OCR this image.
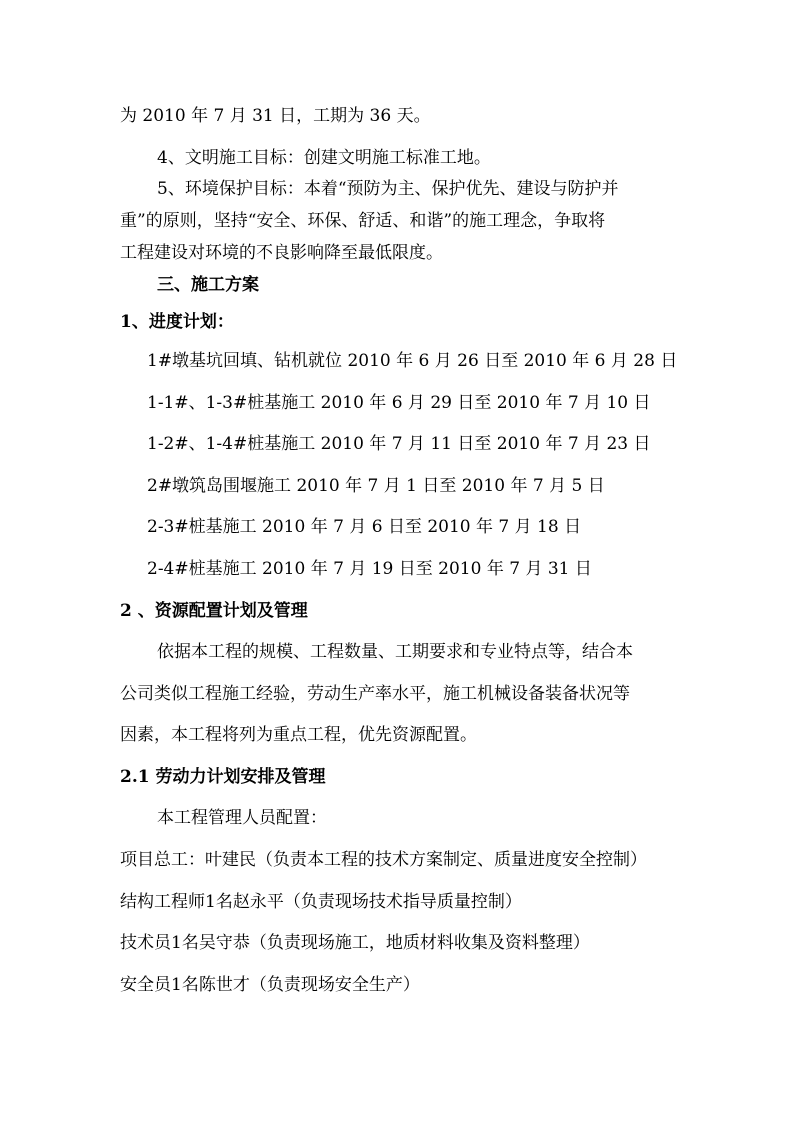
为 2010 年 7 月 31 日，工期为 36 天。
4、文明施工目标：创建文明施工标准工地。
5、环境保护目标：本着“预防为主、保护优先、建设与防护并
重”的原则，坚持“安全、环保、舒适、和谐”的施工理念，争取将
工程建设对环境的不良影响降至最低限度。
三、施工方案
1、进度计划：
1#墩基坑回填、钻机就位 2010 年 6 月 26 日至 2010 年 6 月 28 日
1-1#、1-3#桩基施工 2010 年 6 月 29 日至 2010 年 7 月 10 日
1-2#、1-4#桩基施工 2010 年 7 月 11 日至 2010 年 7 月 23 日
2#墩筑岛围堰施工 2010 年 7 月 1 日至 2010 年 7 月 5 日
2-3#桩基施工 2010 年 7 月 6 日至 2010 年 7 月 18 日
2-4#桩基施工 2010 年 7 月 19 日至 2010 年 7 月 31 日
2 、资源配置计划及管理
依据本工程的规模、工程数量、工期要求和专业特点等，结合本
公司类似工程施工经验，劳动生产率水平，施工机械设备装备状况等
因素，本工程将列为重点工程，优先资源配置。
2.1 劳动力计划安排及管理
本工程管理人员配置：
项目总工：叶建民（负责本工程的技术方案制定、质量进度安全控制）
结构工程师1名赵永平（负责现场技术指导质量控制）
技术员1名吴守恭（负责现场施工，地质材料收集及资料整理）
安全员1名陈世才（负责现场安全生产）
